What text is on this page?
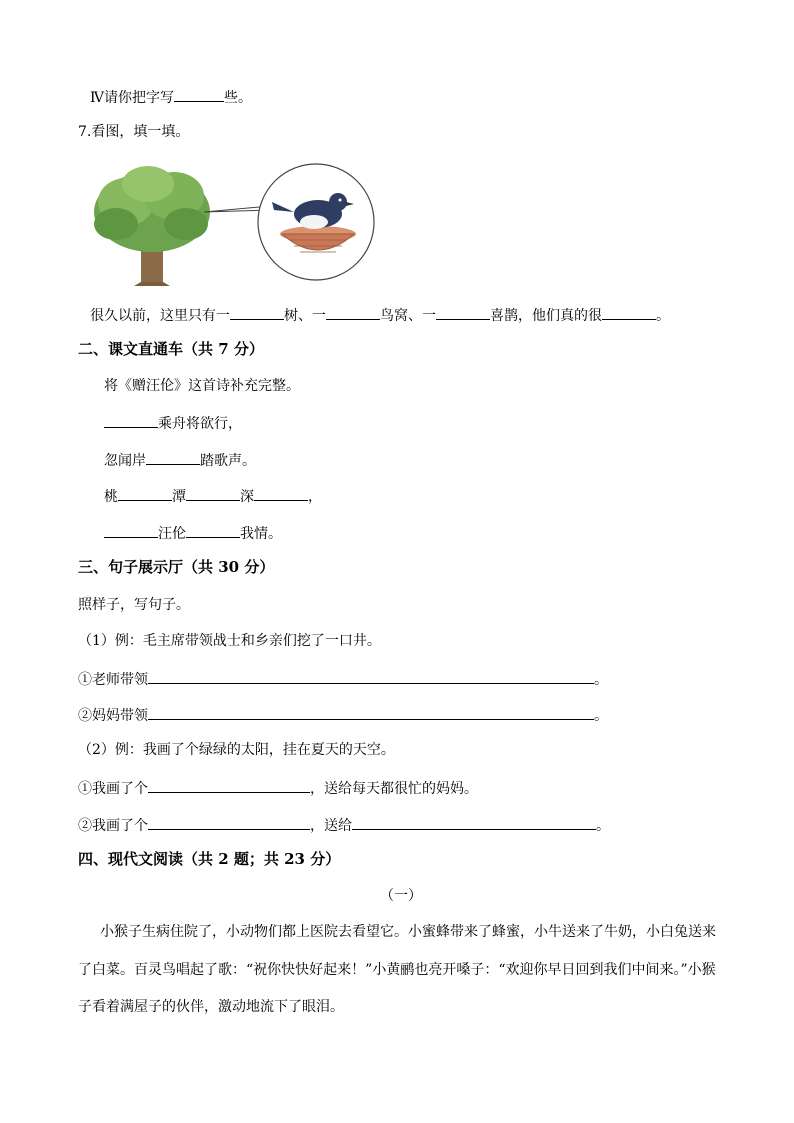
Ⅳ请你把字写	些。
7.看图，填一填。
很久以前，这里只有一	树、一	鸟窝、一	喜鹊，他们真的很	。
二、课文直通车（共 7 分）
将《赠汪伦》这首诗补充完整。
乘舟将欲行，
忽闻岸	踏歌声。
桃	潭	深	，
汪伦	我情。
三、句子展示厅（共 30 分）
照样子，写句子。
（1）例：毛主席带领战士和乡亲们挖了一口井。
①老师带领	。
②妈妈带领	。
（2）例：我画了个绿绿的太阳，挂在夏天的天空。
①我画了个	，送给每天都很忙的妈妈。
②我画了个	，送给	。
四、现代文阅读（共 2 题；共 23 分）
（一）
小猴子生病住院了，小动物们都上医院去看望它。小蜜蜂带来了蜂蜜，小牛送来了牛奶，小白兔送来
了白菜。百灵鸟唱起了歌：“祝你快快好起来！”小黄鹂也亮开嗓子：“欢迎你早日回到我们中间来。”小猴
子看着满屋子的伙伴，激动地流下了眼泪。
